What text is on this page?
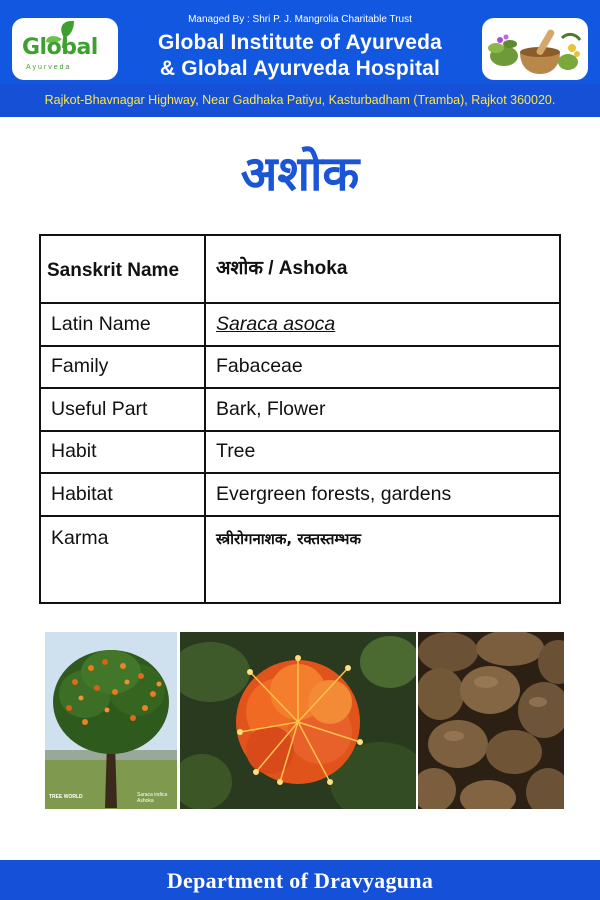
Managed By : Shri P. J. Mangrolia Charitable Trust
Global Institute of Ayurveda
& Global Ayurveda Hospital
Rajkot-Bhavnagar Highway, Near Gadhaka Patiyu, Kasturbadham (Tramba), Rajkot 360020.
Global
Ayurveda
अशोक
Sanskrit Name	अशोक / Ashoka
Latin Name	Saraca asoca
Family	Fabaceae
Useful Part	Bark, Flower
Habit	Tree
Habitat	Evergreen forests, gardens
Karma	स्त्रीरोगनाशक, रक्तस्तम्भक
TREE WORLD	Saraca indica Ashoka
Department of Dravyaguna
